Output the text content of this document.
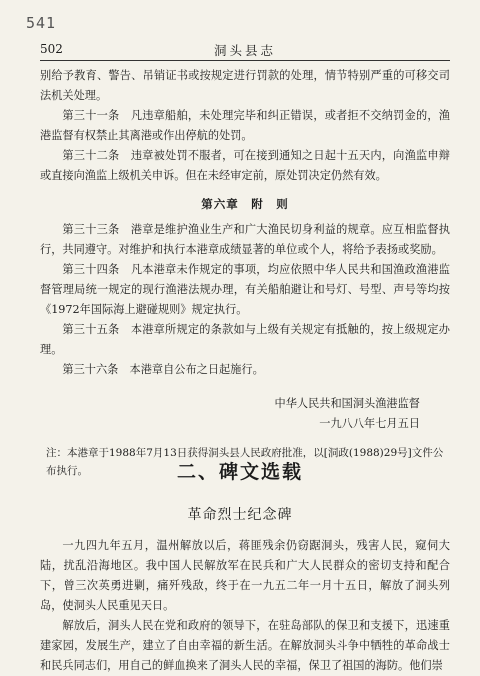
541
502	洞头县志

别给予教育、警告、吊销证书或按规定进行罚款的处理，情节特别严重的可移交司法机关处理。

第三十一条　凡违章船舶，未处理完毕和纠正错误，或者拒不交纳罚金的，渔港监督有权禁止其离港或作出停航的处罚。

第三十二条　违章被处罚不服者，可在接到通知之日起十五天内，向渔监申辩或直接向渔监上级机关申诉。但在未经审定前，原处罚决定仍然有效。

第六章　附　则

第三十三条　港章是维护渔业生产和广大渔民切身利益的规章。应互相监督执行，共同遵守。对维护和执行本港章成绩显著的单位或个人，将给予表扬或奖励。

第三十四条　凡本港章未作规定的事项，均应依照中华人民共和国渔政渔港监督管理局统一规定的现行渔港法规办理，有关船舶避让和号灯、号型、声号等均按《1972年国际海上避碰规则》规定执行。

第三十五条　本港章所规定的条款如与上级有关规定有抵触的，按上级规定办理。

第三十六条　本港章自公布之日起施行。

中华人民共和国洞头渔港监督

一九八八年七月五日

注：本港章于1988年7月13日获得洞头县人民政府批准，以[洞政(1988)29号]文件公布执行。	二、碑文选载
革命烈士纪念碑

一九四九年五月，温州解放以后，蒋匪残余仍窃踞洞头，残害人民，窥伺大陆，扰乱沿海地区。我中国人民解放军在民兵和广大人民群众的密切支持和配合下，曾三次英勇进剿，痛歼残敌，终于在一九五二年一月十五日，解放了洞头列岛，使洞头人民重见天日。

解放后，洞头人民在党和政府的领导下，在驻岛部队的保卫和支援下，迅速重建家园，发展生产，建立了自由幸福的新生活。在解放洞头斗争中牺牲的革命战士和民兵同志们，用自己的鲜血换来了洞头人民的幸福，保卫了祖国的海防。他们崇
